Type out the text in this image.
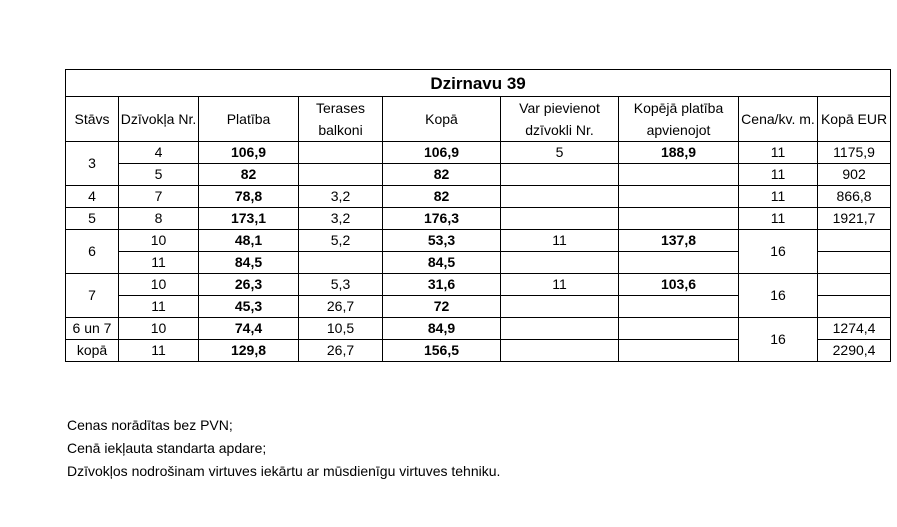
Dzirnavu 39								
Stāvs	Dzīvokļa Nr.	Platība	Terases balkoni	Kopā	Var pievienot dzīvokli Nr.	Kopējā platība apvienojot	Cena/kv. m.	Kopā EUR
3	4	106,9		106,9	5	188,9	11	1175,9
	5	82		82			11	902
4	7	78,8	3,2	82			11	866,8
5	8	173,1	3,2	176,3			11	1921,7
6	10	48,1	5,2	53,3	11	137,8	16	
	11	84,5		84,5				
7	10	26,3	5,3	31,6	11	103,6	16	
	11	45,3	26,7	72				
6 un 7	10	74,4	10,5	84,9			16	1274,4
kopā	11	129,8	26,7	156,5				2290,4
Cenas norādītas bez PVN;
Cenā iekļauta standarta apdare;
Dzīvokļos nodrošinam virtuves iekārtu ar mūsdienīgu virtuves tehniku.
